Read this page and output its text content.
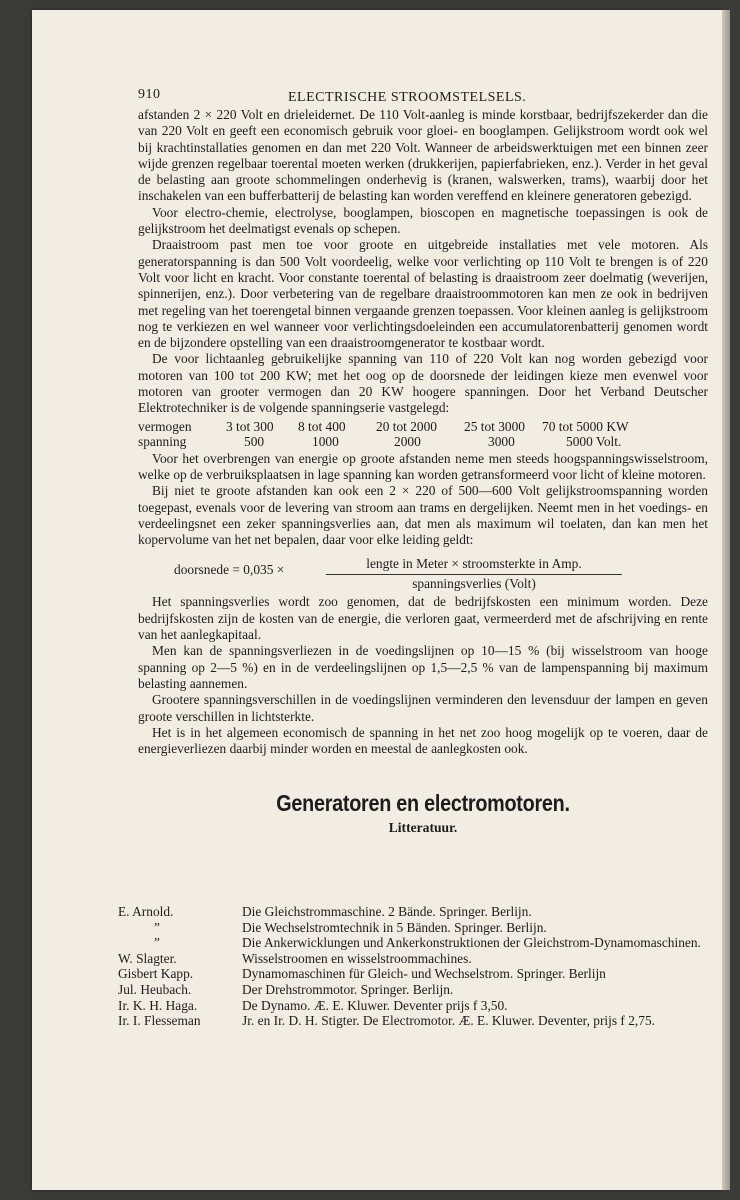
910	ELECTRISCHE STROOMSTELSELS.

afstanden 2 × 220 Volt en drieleidernet. De 110 Volt-aanleg is minde korstbaar, bedrijfszekerder dan die van 220 Volt en geeft een economisch gebruik voor gloei- en booglampen. Gelijkstroom wordt ook wel bij krachtinstallaties genomen en dan met 220 Volt. Wanneer de arbeidswerktuigen met een binnen zeer wijde grenzen regelbaar toerental moeten werken (drukkerijen, papierfabrieken, enz.). Verder in het geval de belasting aan groote schommelingen onderhevig is (kranen, walswerken, trams), waarbij door het inschakelen van een bufferbatterij de belasting kan worden vereffend en kleinere generatoren gebezigd.

Voor electro-chemie, electrolyse, booglampen, bioscopen en magnetische toepassingen is ook de gelijkstroom het deelmatigst evenals op schepen.

Draaistroom past men toe voor groote en uitgebreide installaties met vele motoren. Als generatorspanning is dan 500 Volt voordeelig, welke voor verlichting op 110 Volt te brengen is of 220 Volt voor licht en kracht. Voor constante toerental of belasting is draaistroom zeer doelmatig (weverijen, spinnerijen, enz.). Door verbetering van de regelbare draaistroommotoren kan men ze ook in bedrijven met regeling van het toerengetal binnen vergaande grenzen toepassen. Voor kleinen aanleg is gelijkstroom nog te verkiezen en wel wanneer voor verlichtingsdoeleinden een accumulatorenbatterij genomen wordt en de bijzondere opstelling van een draaistroomgenerator te kostbaar wordt.

De voor lichtaanleg gebruikelijke spanning van 110 of 220 Volt kan nog worden gebezigd voor motoren van 100 tot 200 KW; met het oog op de doorsnede der leidingen kieze men evenwel voor motoren van grooter vermogen dan 20 KW hoogere spanningen. Door het Verband Deutscher Elektrotechniker is de volgende spanningserie vastgelegd:

vermogen	3 tot 300	8 tot 400	20 tot 2000	25 tot 3000	70 tot 5000 KW
spanning	500	1000	2000	3000	5000 Volt.

Voor het overbrengen van energie op groote afstanden neme men steeds hoogspanningswisselstroom, welke op de verbruiksplaatsen in lage spanning kan worden getransformeerd voor licht of kleine motoren.

Bij niet te groote afstanden kan ook een 2 × 220 of 500—600 Volt gelijkstroomspanning worden toegepast, evenals voor de levering van stroom aan trams en dergelijken. Neemt men in het voedings- en verdeelingsnet een zeker spanningsverlies aan, dat men als maximum wil toelaten, dan kan men het kopervolume van het net bepalen, daar voor elke leiding geldt:

doorsnede = 0,035 ×	lengte in Meter × stroomsterkte in Amp.
spanningsverlies (Volt)

Het spanningsverlies wordt zoo genomen, dat de bedrijfskosten een minimum worden. Deze bedrijfskosten zijn de kosten van de energie, die verloren gaat, vermeerderd met de afschrijving en rente van het aanlegkapitaal.

Men kan de spanningsverliezen in de voedingslijnen op 10—15 % (bij wisselstroom van hooge spanning op 2—5 %) en in de verdeelingslijnen op 1,5—2,5 % van de lampenspanning bij maximum belasting aannemen.

Grootere spanningsverschillen in de voedingslijnen verminderen den levensduur der lampen en geven groote verschillen in lichtsterkte.

Het is in het algemeen economisch de spanning in het net zoo hoog mogelijk op te voeren, daar de energieverliezen daarbij minder worden en meestal de aanlegkosten ook.

Generatoren en electromotoren.
Litteratuur.
E. Arnold.	Die Gleichstrommaschine. 2 Bände. Springer. Berlijn.
”	Die Wechselstromtechnik in 5 Bänden. Springer. Berlijn.
”	Die Ankerwicklungen und Ankerkonstruktionen der Gleichstrom-Dynamomaschinen.
W. Slagter.	Wisselstroomen en wisselstroommachines.
Gisbert Kapp.	Dynamomaschinen für Gleich- und Wechselstrom. Springer. Berlijn
Jul. Heubach.	Der Drehstrommotor. Springer. Berlijn.
Ir. K. H. Haga.	De Dynamo. Æ. E. Kluwer. Deventer prijs f 3,50.
Ir. I. Flesseman	Jr. en Ir. D. H. Stigter. De Electromotor. Æ. E. Kluwer. Deventer, prijs f 2,75.
